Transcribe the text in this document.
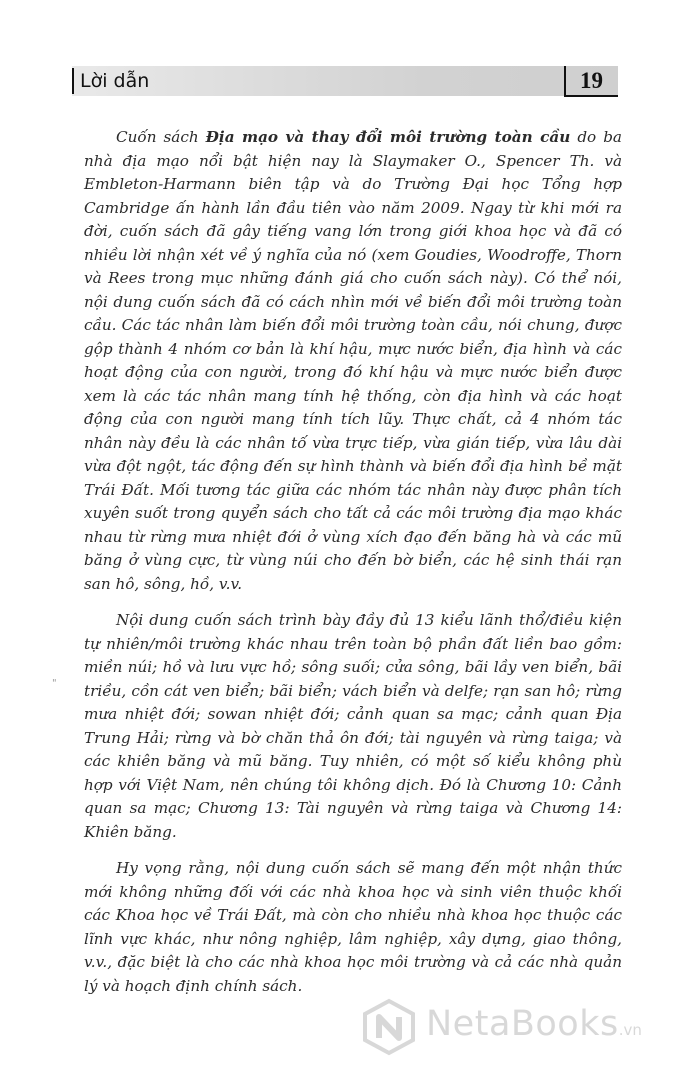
Lời dẫn	19
"

Cuốn sách Địa mạo và thay đổi môi trường toàn cầu do ba nhà địa mạo nổi bật hiện nay là Slaymaker O., Spencer Th. và Embleton-Harmann biên tập và do Trường Đại học Tổng hợp Cambridge ấn hành lần đầu tiên vào năm 2009. Ngay từ khi mới ra đời, cuốn sách đã gây tiếng vang lớn trong giới khoa học và đã có nhiều lời nhận xét về ý nghĩa của nó (xem Goudies, Woodroffe, Thorn và Rees trong mục những đánh giá cho cuốn sách này). Có thể nói, nội dung cuốn sách đã có cách nhìn mới về biến đổi môi trường toàn cầu. Các tác nhân làm biến đổi môi trường toàn cầu, nói chung, được gộp thành 4 nhóm cơ bản là khí hậu, mực nước biển, địa hình và các hoạt động của con người, trong đó khí hậu và mực nước biển được xem là các tác nhân mang tính hệ thống, còn địa hình và các hoạt động của con người mang tính tích lũy. Thực chất, cả 4 nhóm tác nhân này đều là các nhân tố vừa trực tiếp, vừa gián tiếp, vừa lâu dài vừa đột ngột, tác động đến sự hình thành và biến đổi địa hình bề mặt Trái Đất. Mối tương tác giữa các nhóm tác nhân này được phân tích xuyên suốt trong quyển sách cho tất cả các môi trường địa mạo khác nhau từ rừng mưa nhiệt đới ở vùng xích đạo đến băng hà và các mũ băng ở vùng cực, từ vùng núi cho đến bờ biển, các hệ sinh thái rạn san hô, sông, hồ, v.v.

Nội dung cuốn sách trình bày đầy đủ 13 kiểu lãnh thổ/điều kiện tự nhiên/môi trường khác nhau trên toàn bộ phần đất liền bao gồm: miền núi; hồ và lưu vực hồ; sông suối; cửa sông, bãi lầy ven biển, bãi triều, cồn cát ven biển; bãi biển; vách biển và delfe; rạn san hô; rừng mưa nhiệt đới; sowan nhiệt đới; cảnh quan sa mạc; cảnh quan Địa Trung Hải; rừng và bờ chăn thả ôn đới; tài nguyên và rừng taiga; và các khiên băng và mũ băng. Tuy nhiên, có một số kiểu không phù hợp với Việt Nam, nên chúng tôi không dịch. Đó là Chương 10: Cảnh quan sa mạc; Chương 13: Tài nguyên và rừng taiga và Chương 14: Khiên băng.

Hy vọng rằng, nội dung cuốn sách sẽ mang đến một nhận thức mới không những đối với các nhà khoa học và sinh viên thuộc khối các Khoa học về Trái Đất, mà còn cho nhiều nhà khoa học thuộc các lĩnh vực khác, như nông nghiệp, lâm nghiệp, xây dựng, giao thông, v.v., đặc biệt là cho các nhà khoa học môi trường và cả các nhà quản lý và hoạch định chính sách.

NetaBooks.vn
